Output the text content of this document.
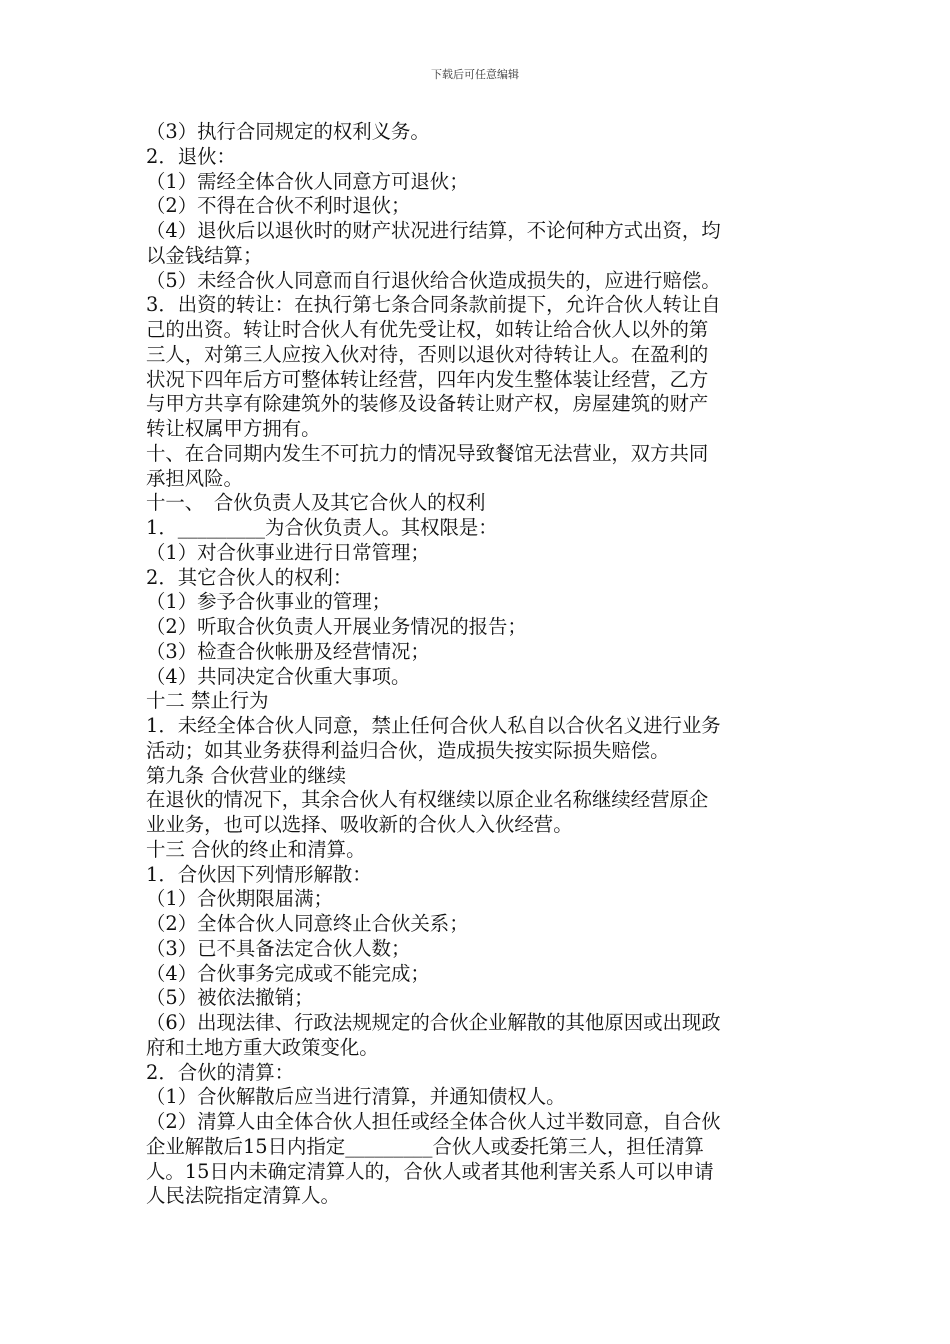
下载后可任意编辑
（3）执行合同规定的权利义务。
2．退伙：
（1）需经全体合伙人同意方可退伙；
（2）不得在合伙不利时退伙；
（4）退伙后以退伙时的财产状况进行结算，不论何种方式出资，均
以金钱结算；
（5）未经合伙人同意而自行退伙给合伙造成损失的，应进行赔偿。
3．出资的转让：在执行第七条合同条款前提下，允许合伙人转让自
己的出资。转让时合伙人有优先受让权，如转让给合伙人以外的第
三人，对第三人应按入伙对待，否则以退伙对待转让人。在盈利的
状况下四年后方可整体转让经营，四年内发生整体装让经营，乙方
与甲方共享有除建筑外的装修及设备转让财产权，房屋建筑的财产
转让权属甲方拥有。
十、在合同期内发生不可抗力的情况导致餐馆无法营业，双方共同
承担风险。
十一、　合伙负责人及其它合伙人的权利
1．_________为合伙负责人。其权限是：
（1）对合伙事业进行日常管理；
2．其它合伙人的权利：
（1）参予合伙事业的管理；
（2）听取合伙负责人开展业务情况的报告；
（3）检查合伙帐册及经营情况；
（4）共同决定合伙重大事项。
十二 禁止行为
1．未经全体合伙人同意，禁止任何合伙人私自以合伙名义进行业务
活动；如其业务获得利益归合伙，造成损失按实际损失赔偿。
第九条 合伙营业的继续
在退伙的情况下，其余合伙人有权继续以原企业名称继续经营原企
业业务，也可以选择、吸收新的合伙人入伙经营。
十三 合伙的终止和清算。
1．合伙因下列情形解散：
（1）合伙期限届满；
（2）全体合伙人同意终止合伙关系；
（3）已不具备法定合伙人数；
（4）合伙事务完成或不能完成；
（5）被依法撤销；
（6）出现法律、行政法规规定的合伙企业解散的其他原因或出现政
府和土地方重大政策变化。
2．合伙的清算：
（1）合伙解散后应当进行清算，并通知债权人。
（2）清算人由全体合伙人担任或经全体合伙人过半数同意，自合伙
企业解散后15日内指定_________合伙人或委托第三人，担任清算
人。15日内未确定清算人的，合伙人或者其他利害关系人可以申请
人民法院指定清算人。
